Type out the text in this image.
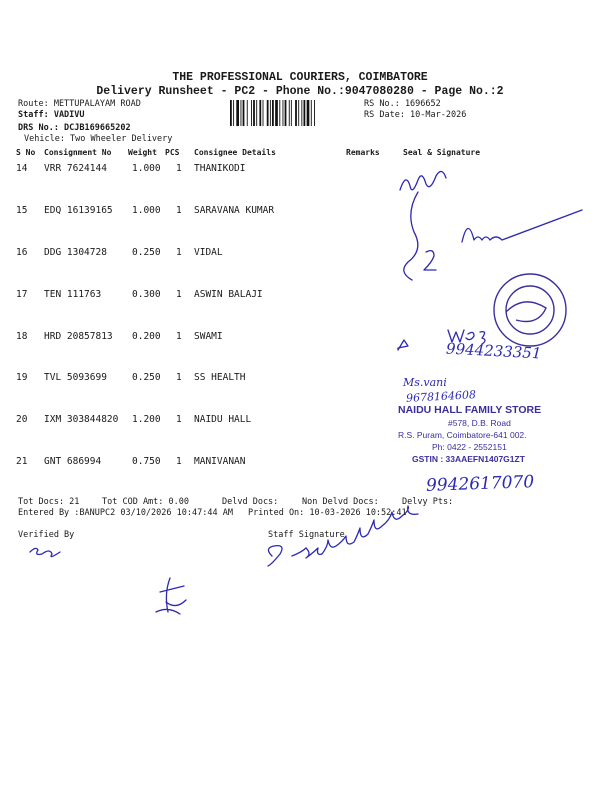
THE PROFESSIONAL COURIERS, COIMBATORE
Delivery Runsheet - PC2 - Phone No.:9047080280 - Page No.:2
Route: METTUPALAYAM ROAD
Staff: VADIVU
DRS No.: DCJB169665202
Vehicle: Two Wheeler Delivery
RS No.: 1696652
RS Date: 10-Mar-2026
S No Consignment No Weight PCS Consignee Details	Remarks	Seal & Signature
14 VRR 7624144	1.000 1 THANIKODI
15 EDQ 16139165 1.000 1 SARAVANA KUMAR
16 DDG 1304728	0.250 1 VIDAL
17 TEN 111763	0.300 1 ASWIN BALAJI
18 HRD 20857813 0.200 1 SWAMI
19 TVL 5093699	0.250 1 SS HEALTH
20 IXM 303844820 1.200 1 NAIDU HALL
21 GNT 686994	0.750 1 MANIVANAN
Tot Docs: 21	Tot COD Amt: 0.00	Delvd Docs:	Non Delvd Docs:	Delvy Pts:
Entered By :BANUPC2 03/10/2026 10:47:44 AM Printed On: 10-03-2026 10:52:41
Verified By	Staff Signature
9944233351
Ms.vani
9678164608
9942617070
NAIDU HALL FAMILY STORE
#578, D.B. Road
R.S. Puram, Coimbatore-641 002.
Ph: 0422 - 2552151
GSTIN : 33AAEFN1407G1ZT
